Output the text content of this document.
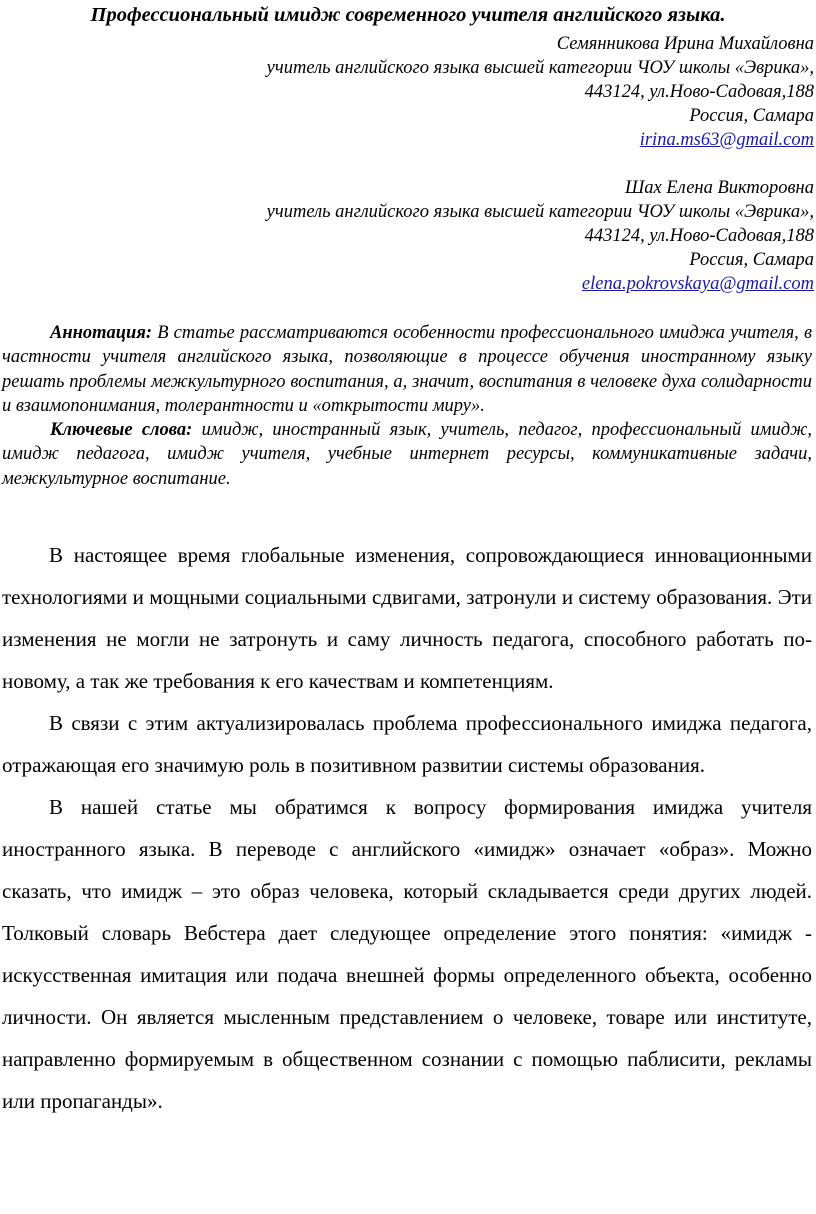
Профессиональный имидж современного учителя английского языка.
Семянникова Ирина Михайловна
учитель английского языка высшей категории ЧОУ школы «Эврика»,
443124, ул.Ново-Садовая,188
Россия, Самара
irina.ms63@gmail.com
Шах Елена Викторовна
учитель английского языка высшей категории ЧОУ школы «Эврика»,
443124, ул.Ново-Садовая,188
Россия, Самара
elena.pokrovskaya@gmail.com

Аннотация: В статье рассматриваются особенности профессионального имиджа учителя, в частности учителя английского языка, позволяющие в процессе обучения иностранному языку решать проблемы межкультурного воспитания, а, значит, воспитания в человеке духа солидарности и взаимопонимания, толерантности и «открытости миру».

Ключевые слова: имидж, иностранный язык, учитель, педагог, профессиональный имидж, имидж педагога, имидж учителя, учебные интернет ресурсы, коммуникативные задачи, межкультурное воспитание.

В настоящее время глобальные изменения, сопровождающиеся инновационными технологиями и мощными социальными сдвигами, затронули и систему образования. Эти изменения не могли не затронуть и саму личность педагога, способного работать по-новому, а так же требования к его качествам и компетенциям.

В связи с этим актуализировалась проблема профессионального имиджа педагога, отражающая его значимую роль в позитивном развитии системы образования.

В нашей статье мы обратимся к вопросу формирования имиджа учителя иностранного языка. В переводе с английского «имидж» означает «образ». Можно сказать, что имидж – это образ человека, который складывается среди других людей. Толковый словарь Вебстера дает следующее определение этого понятия: «имидж - искусственная имитация или подача внешней формы определенного объекта, особенно личности. Он является мысленным представлением о человеке, товаре или институте, направленно формируемым в общественном сознании с помощью паблисити, рекламы или пропаганды».
